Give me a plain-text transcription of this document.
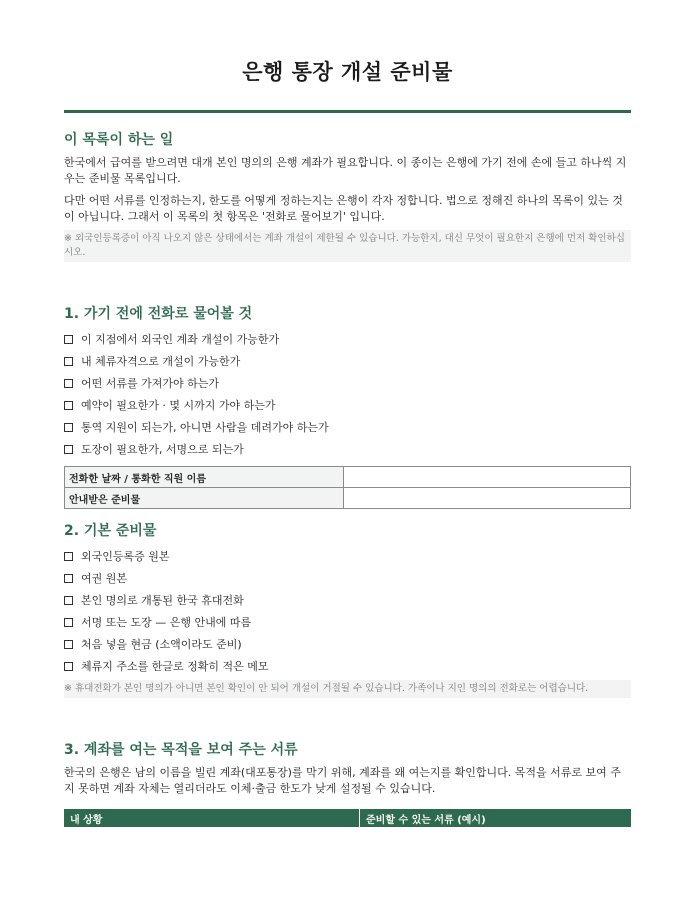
은행 통장 개설 준비물
이 목록이 하는 일

한국에서 급여를 받으려면 대개 본인 명의의 은행 계좌가 필요합니다. 이 종이는 은행에 가기 전에 손에 들고 하나씩 지우는 준비물 목록입니다.

다만 어떤 서류를 인정하는지, 한도를 어떻게 정하는지는 은행이 각자 정합니다. 법으로 정해진 하나의 목록이 있는 것이 아닙니다. 그래서 이 목록의 첫 항목은 '전화로 물어보기' 입니다.

※ 외국인등록증이 아직 나오지 않은 상태에서는 계좌 개설이 제한될 수 있습니다. 가능한지, 대신 무엇이 필요한지 은행에 먼저 확인하십시오.

1. 가기 전에 전화로 물어볼 것
이 지점에서 외국인 계좌 개설이 가능한가
내 체류자격으로 개설이 가능한가
어떤 서류를 가져가야 하는가
예약이 필요한가 · 몇 시까지 가야 하는가
통역 지원이 되는가, 아니면 사람을 데려가야 하는가
도장이 필요한가, 서명으로 되는가
전화한 날짜 / 통화한 직원 이름	
안내받은 준비물	
2. 기본 준비물
외국인등록증 원본
여권 원본
본인 명의로 개통된 한국 휴대전화
서명 또는 도장 — 은행 안내에 따름
처음 넣을 현금 (소액이라도 준비)
체류지 주소를 한글로 정확히 적은 메모

※ 휴대전화가 본인 명의가 아니면 본인 확인이 안 되어 개설이 거절될 수 있습니다. 가족이나 지인 명의의 전화로는 어렵습니다.

3. 계좌를 여는 목적을 보여 주는 서류

한국의 은행은 남의 이름을 빌린 계좌(대포통장)를 막기 위해, 계좌를 왜 여는지를 확인합니다. 목적을 서류로 보여 주지 못하면 계좌 자체는 열리더라도 이체·출금 한도가 낮게 설정될 수 있습니다.

내 상황	준비할 수 있는 서류 (예시)
